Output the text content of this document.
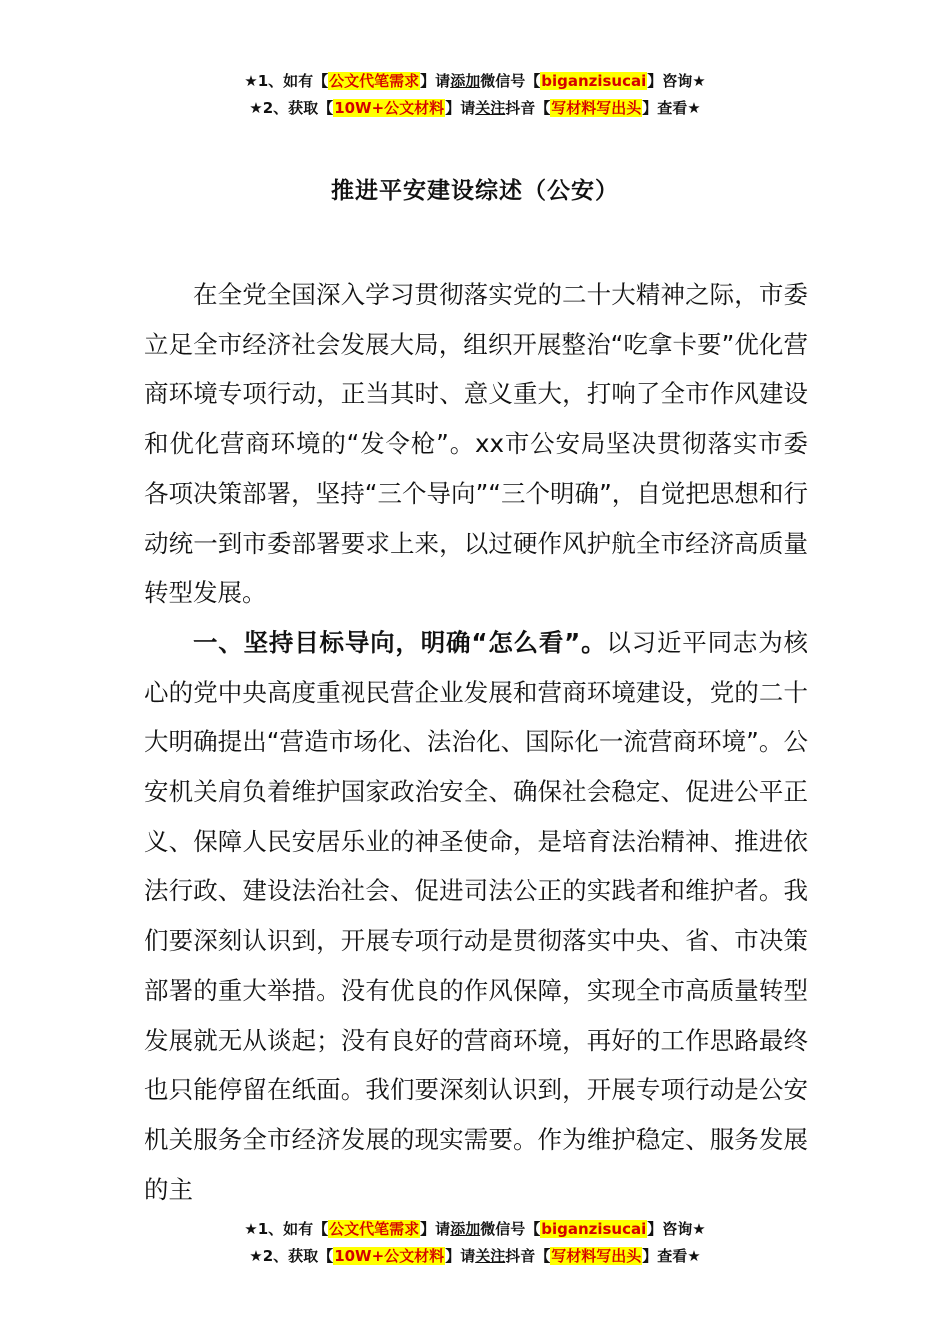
★1、如有【公文代笔需求】请添加微信号【biganzisucai】咨询★
★2、获取【10W+公文材料】请关注抖音【写材料写出头】查看★
推进平安建设综述（公安）

在全党全国深入学习贯彻落实党的二十大精神之际，市委立足全市经济社会发展大局，组织开展整治“吃拿卡要”优化营商环境专项行动，正当其时、意义重大，打响了全市作风建设和优化营商环境的“发令枪”。xx市公安局坚决贯彻落实市委各项决策部署，坚持“三个导向”“三个明确”，自觉把思想和行动统一到市委部署要求上来，以过硬作风护航全市经济高质量转型发展。

一、坚持目标导向，明确“怎么看”。以习近平同志为核心的党中央高度重视民营企业发展和营商环境建设，党的二十大明确提出“营造市场化、法治化、国际化一流营商环境”。公安机关肩负着维护国家政治安全、确保社会稳定、促进公平正义、保障人民安居乐业的神圣使命，是培育法治精神、推进依法行政、建设法治社会、促进司法公正的实践者和维护者。我们要深刻认识到，开展专项行动是贯彻落实中央、省、市决策部署的重大举措。没有优良的作风保障，实现全市高质量转型发展就无从谈起；没有良好的营商环境，再好的工作思路最终也只能停留在纸面。我们要深刻认识到，开展专项行动是公安机关服务全市经济发展的现实需要。作为维护稳定、服务发展的主

★1、如有【公文代笔需求】请添加微信号【biganzisucai】咨询★
★2、获取【10W+公文材料】请关注抖音【写材料写出头】查看★
